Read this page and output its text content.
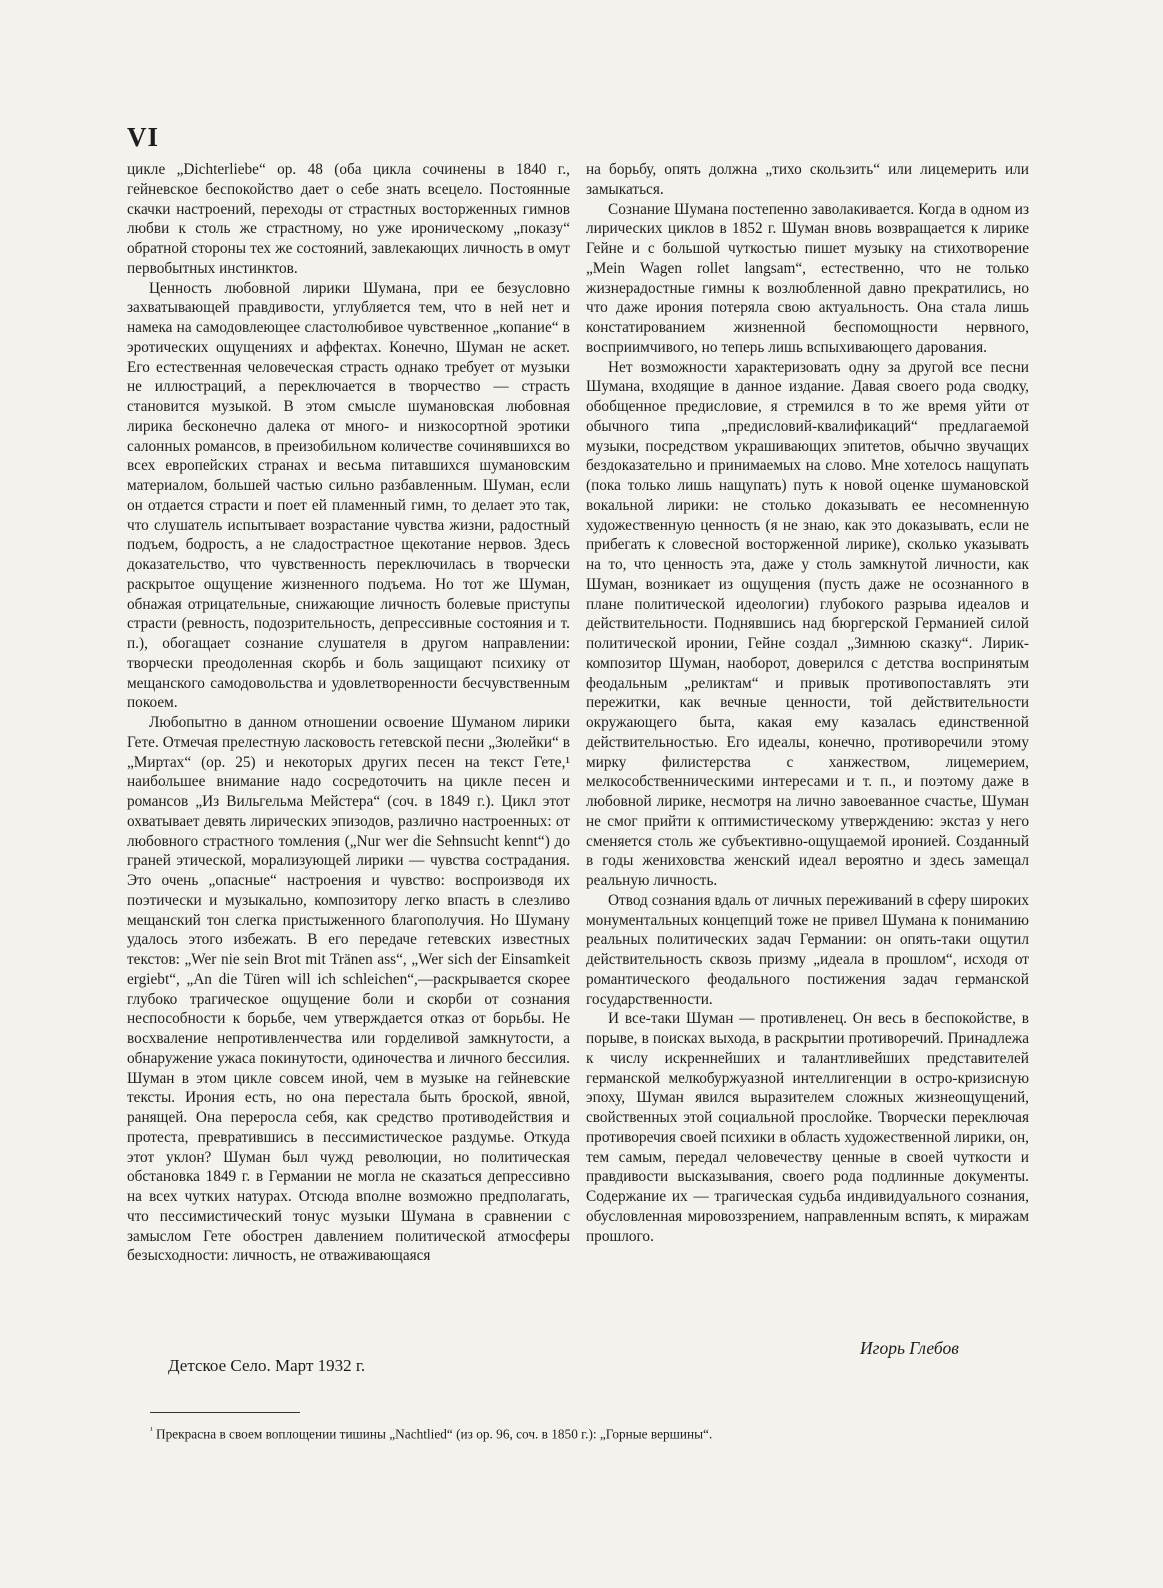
VI

цикле „Dichterliebe“ ор. 48 (оба цикла сочинены в 1840 г., гейневское беспокойство дает о себе знать всецело. Постоянные скачки настроений, переходы от страстных восторженных гимнов любви к столь же страстному, но уже ироническому „показу“ обратной стороны тех же состояний, завлекающих личность в омут первобытных инстинктов.

Ценность любовной лирики Шумана, при ее безусловно захватывающей правдивости, углубляется тем, что в ней нет и намека на самодовлеющее сластолюбивое чувственное „копание“ в эротических ощущениях и аффектах. Конечно, Шуман не аскет. Его естественная человеческая страсть однако требует от музыки не иллюстраций, а переключается в творчество — страсть становится музыкой. В этом смысле шумановская любовная лирика бесконечно далека от много- и низкосортной эротики салонных романсов, в преизобильном количестве сочинявшихся во всех европейских странах и весьма питавшихся шумановским материалом, большей частью сильно разбавленным. Шуман, если он отдается страсти и поет ей пламенный гимн, то делает это так, что слушатель испытывает возрастание чувства жизни, радостный подъем, бодрость, а не сладострастное щекотание нервов. Здесь доказательство, что чувственность переключилась в творчески раскрытое ощущение жизненного подъема. Но тот же Шуман, обнажая отрицательные, снижающие личность болевые приступы страсти (ревность, подозрительность, депрессивные состояния и т. п.), обогащает сознание слушателя в другом направлении: творчески преодоленная скорбь и боль защищают психику от мещанского самодовольства и удовлетворенности бесчувственным покоем.

Любопытно в данном отношении освоение Шуманом лирики Гете. Отмечая прелестную ласковость гетевской песни „Зюлейки“ в „Миртах“ (ор. 25) и некоторых других песен на текст Гете,¹ наибольшее внимание надо сосредоточить на цикле песен и романсов „Из Вильгельма Мейстера“ (соч. в 1849 г.). Цикл этот охватывает девять лирических эпизодов, различно настроенных: от любовного страстного томления („Nur wer die Sehnsucht kennt“) до граней этической, морализующей лирики — чувства сострадания. Это очень „опасные“ настроения и чувство: воспроизводя их поэтически и музыкально, композитору легко впасть в слезливо мещанский тон слегка пристыженного благополучия. Но Шуману удалось этого избежать. В его передаче гетевских известных текстов: „Wer nie sein Brot mit Tränen ass“, „Wer sich der Einsamkeit ergiebt“, „An die Türen will ich schleichen“,—раскрывается скорее глубоко трагическое ощущение боли и скорби от сознания неспособности к борьбе, чем утверждается отказ от борьбы. Не восхваление непротивленчества или горделивой замкнутости, а обнаружение ужаса покинутости, одиночества и личного бессилия. Шуман в этом цикле совсем иной, чем в музыке на гейневские тексты. Ирония есть, но она перестала быть броской, явной, ранящей. Она переросла себя, как средство противодействия и протеста, превратившись в пессимистическое раздумье. Откуда этот уклон? Шуман был чужд революции, но политическая обстановка 1849 г. в Германии не могла не сказаться депрессивно на всех чутких натурах. Отсюда вполне возможно предполагать, что пессимистический тонус музыки Шумана в сравнении с замыслом Гете обострен давлением политической атмосферы безысходности: личность, не отваживающаяся

на борьбу, опять должна „тихо скользить“ или лицемерить или замыкаться.

Сознание Шумана постепенно заволакивается. Когда в одном из лирических циклов в 1852 г. Шуман вновь возвращается к лирике Гейне и с большой чуткостью пишет музыку на стихотворение „Mein Wagen rollet langsam“, естественно, что не только жизнерадостные гимны к возлюбленной давно прекратились, но что даже ирония потеряла свою актуальность. Она стала лишь констатированием жизненной беспомощности нервного, восприимчивого, но теперь лишь вспыхивающего дарования.

Нет возможности характеризовать одну за другой все песни Шумана, входящие в данное издание. Давая своего рода сводку, обобщенное предисловие, я стремился в то же время уйти от обычного типа „предисловий-квалификаций“ предлагаемой музыки, посредством украшивающих эпитетов, обычно звучащих бездоказательно и принимаемых на слово. Мне хотелось нащупать (пока только лишь нащупать) путь к новой оценке шумановской вокальной лирики: не столько доказывать ее несомненную художественную ценность (я не знаю, как это доказывать, если не прибегать к словесной восторженной лирике), сколько указывать на то, что ценность эта, даже у столь замкнутой личности, как Шуман, возникает из ощущения (пусть даже не осознанного в плане политической идеологии) глубокого разрыва идеалов и действительности. Поднявшись над бюргерской Германией силой политической иронии, Гейне создал „Зимнюю сказку“. Лирик-композитор Шуман, наоборот, доверился с детства воспринятым феодальным „реликтам“ и привык противопоставлять эти пережитки, как вечные ценности, той действительности окружающего быта, какая ему казалась единственной действительностью. Его идеалы, конечно, противоречили этому мирку филистерства с ханжеством, лицемерием, мелкособственническими интересами и т. п., и поэтому даже в любовной лирике, несмотря на лично завоеванное счастье, Шуман не смог прийти к оптимистическому утверждению: экстаз у него сменяется столь же субъективно-ощущаемой иронией. Созданный в годы жениховства женский идеал вероятно и здесь замещал реальную личность.

Отвод сознания вдаль от личных переживаний в сферу широких монументальных концепций тоже не привел Шумана к пониманию реальных политических задач Германии: он опять-таки ощутил действительность сквозь призму „идеала в прошлом“, исходя от романтического феодального постижения задач германской государственности.

И все-таки Шуман — противленец. Он весь в беспокойстве, в порыве, в поисках выхода, в раскрытии противоречий. Принадлежа к числу искреннейших и талантливейших представителей германской мелкобуржуазной интеллигенции в остро-кризисную эпоху, Шуман явился выразителем сложных жизнеощущений, свойственных этой социальной прослойке. Творчески переключая противоречия своей психики в область художественной лирики, он, тем самым, передал человечеству ценные в своей чуткости и правдивости высказывания, своего рода подлинные документы. Содержание их — трагическая судьба индивидуального сознания, обусловленная мировоззрением, направленным вспять, к миражам прошлого.

Игорь Глебов
Детское Село. Март 1932 г.
$^{^1}$ Прекрасна в своем воплощении тишины „Nachtlied“ (из ор. 96, соч. в 1850 г.): „Горные вершины“.
